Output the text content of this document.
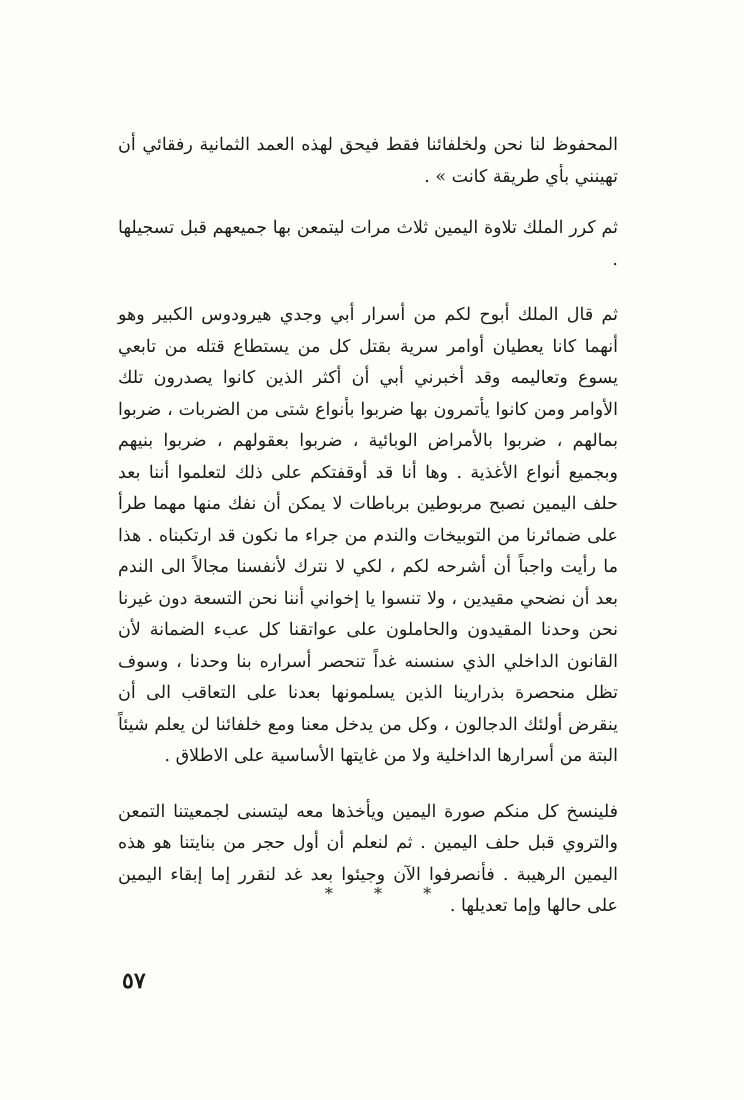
المحفوظ لنا نحن ولخلفائنا فقط فيحق لهذه العمد الثمانية رفقائي أن تهينني بأي طريقة كانت » .

ثم كرر الملك تلاوة اليمين ثلاث مرات ليتمعن بها جميعهم قبل تسجيلها .

ثم قال الملك أبوح لكم من أسرار أبي وجدي هيرودوس الكبير وهو أنهما كانا يعطيان أوامر سرية بقتل كل من يستطاع قتله من تابعي يسوع وتعاليمه وقد أخبرني أبي أن أكثر الذين كانوا يصدرون تلك الأوامر ومن كانوا يأتمرون بها ضربوا بأنواع شتى من الضربات ، ضربوا بمالهم ، ضربوا بالأمراض الوبائية ، ضربوا بعقولهم ، ضربوا بنيهم وبجميع أنواع الأغذية . وها أنا قد أوقفتكم على ذلك لتعلموا أننا بعد حلف اليمين نصبح مربوطين برباطات لا يمكن أن نفك منها مهما طرأ على ضمائرنا من التوبيخات والندم من جراء ما نكون قد ارتكبناه . هذا ما رأيت واجباً أن أشرحه لكم ، لكي لا نترك لأنفسنا مجالاً الى الندم بعد أن نضحي مقيدين ، ولا تنسوا يا إخواني أننا نحن التسعة دون غيرنا نحن وحدنا المقيدون والحاملون على عواتقنا كل عبء الضمانة لأن القانون الداخلي الذي سنسنه غداً تنحصر أسراره بنا وحدنا ، وسوف تظل منحصرة بذرارينا الذين يسلمونها بعدنا على التعاقب الى أن ينقرض أولئك الدجالون ، وكل من يدخل معنا ومع خلفائنا لن يعلم شيئاً البتة من أسرارها الداخلية ولا من غايتها الأساسية على الاطلاق .

فلينسخ كل منكم صورة اليمين ويأخذها معه ليتسنى لجمعيتنا التمعن والتروي قبل حلف اليمين . ثم لنعلم أن أول حجر من بنايتنا هو هذه اليمين الرهيبة . فأنصرفوا الآن وجيئوا بعد غد لنقرر إما إبقاء اليمين على حالها وإما تعديلها .

* * *
٥٧
